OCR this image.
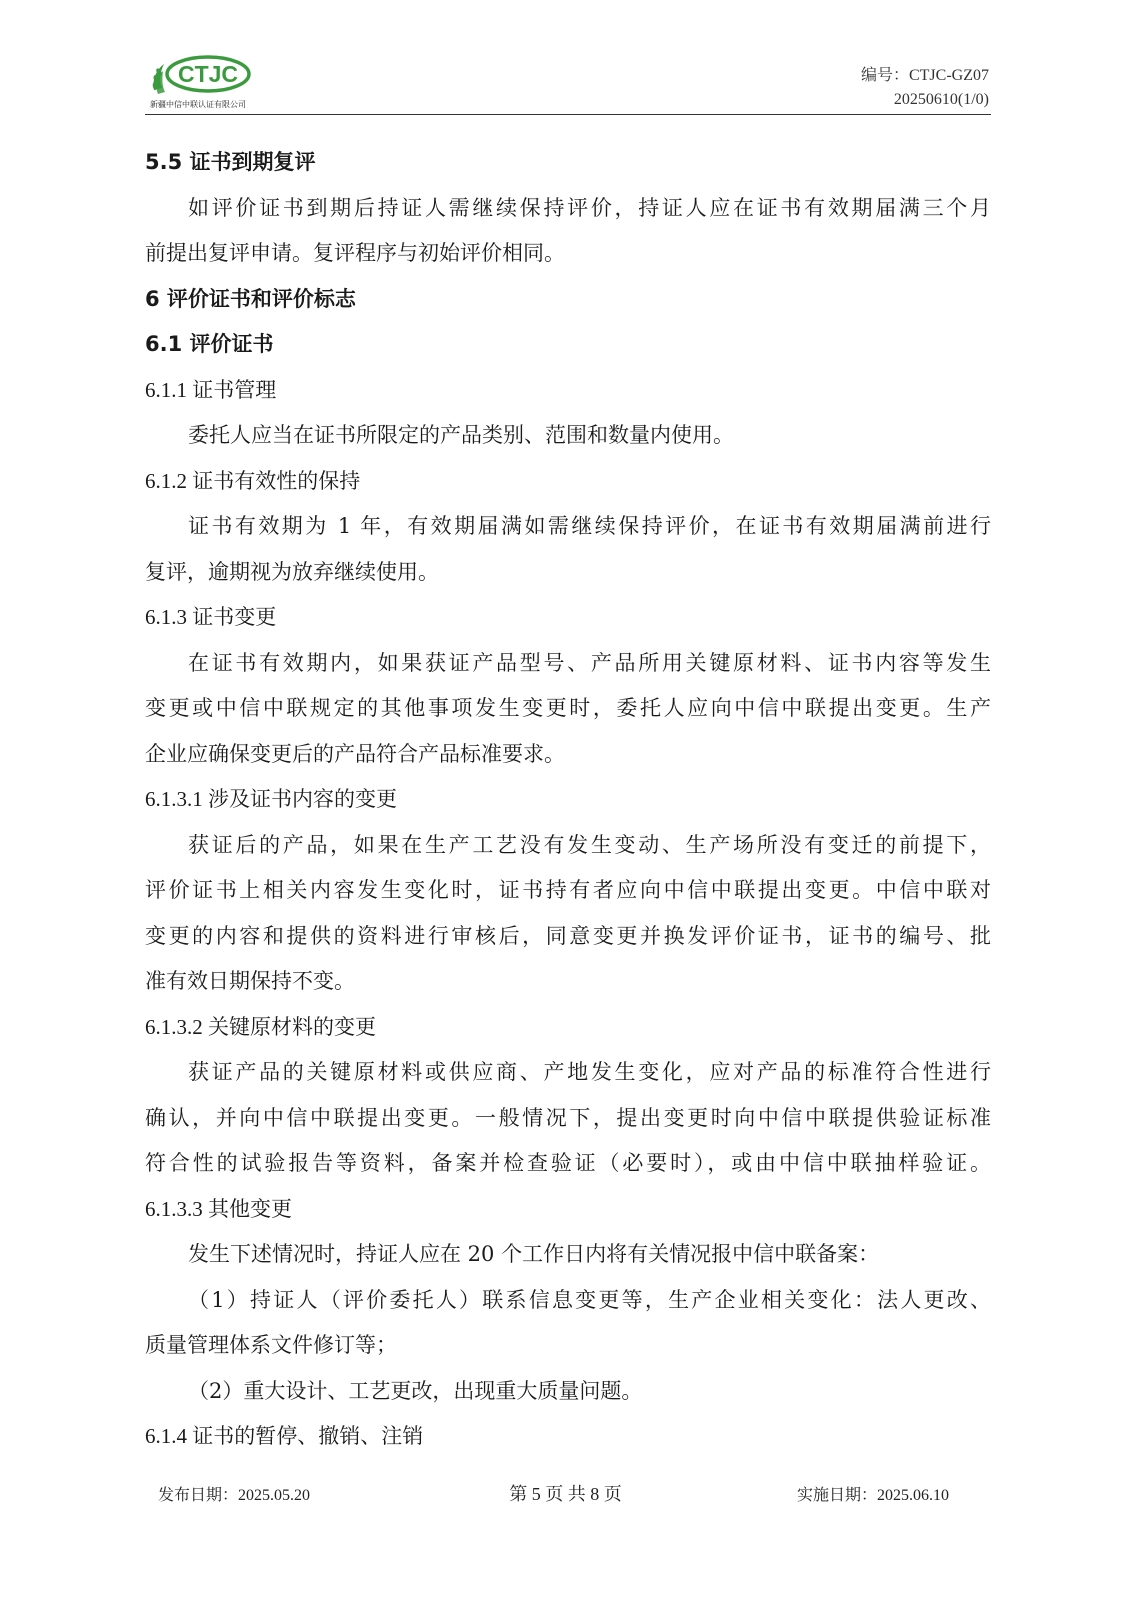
CTJC
新疆中信中联认证有限公司
编号：CTJC-GZ07
20250610(1/0)
5.5 证书到期复评
如评价证书到期后持证人需继续保持评价，持证人应在证书有效期届满三个月
前提出复评申请。复评程序与初始评价相同。
6 评价证书和评价标志
6.1 评价证书
6.1.1 证书管理
委托人应当在证书所限定的产品类别、范围和数量内使用。
6.1.2 证书有效性的保持
证书有效期为 1 年，有效期届满如需继续保持评价，在证书有效期届满前进行
复评，逾期视为放弃继续使用。
6.1.3 证书变更
在证书有效期内，如果获证产品型号、产品所用关键原材料、证书内容等发生
变更或中信中联规定的其他事项发生变更时，委托人应向中信中联提出变更。生产
企业应确保变更后的产品符合产品标准要求。
6.1.3.1 涉及证书内容的变更
获证后的产品，如果在生产工艺没有发生变动、生产场所没有变迁的前提下，
评价证书上相关内容发生变化时，证书持有者应向中信中联提出变更。中信中联对
变更的内容和提供的资料进行审核后，同意变更并换发评价证书，证书的编号、批
准有效日期保持不变。
6.1.3.2 关键原材料的变更
获证产品的关键原材料或供应商、产地发生变化，应对产品的标准符合性进行
确认，并向中信中联提出变更。一般情况下，提出变更时向中信中联提供验证标准
符合性的试验报告等资料，备案并检查验证（必要时），或由中信中联抽样验证。
6.1.3.3 其他变更
发生下述情况时，持证人应在 20 个工作日内将有关情况报中信中联备案：
（1）持证人（评价委托人）联系信息变更等，生产企业相关变化：法人更改、
质量管理体系文件修订等；
（2）重大设计、工艺更改，出现重大质量问题。
6.1.4 证书的暂停、撤销、注销
发布日期：2025.05.20	第 5 页 共 8 页	实施日期：2025.06.10
